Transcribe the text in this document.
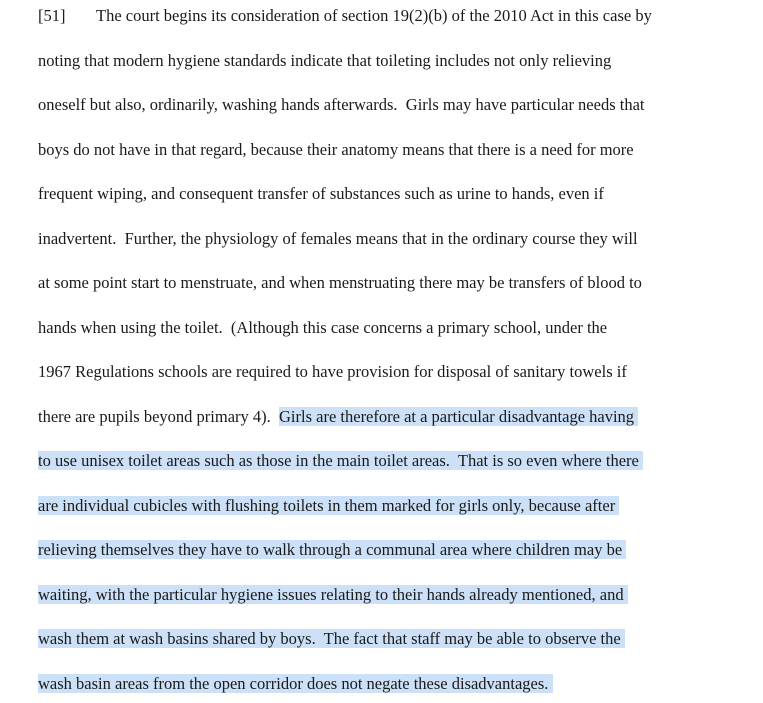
[51] The court begins its consideration of section 19(2)(b) of the 2010 Act in this case by
noting that modern hygiene standards indicate that toileting includes not only relieving
oneself but also, ordinarily, washing hands afterwards.  Girls may have particular needs that
boys do not have in that regard, because their anatomy means that there is a need for more
frequent wiping, and consequent transfer of substances such as urine to hands, even if
inadvertent.  Further, the physiology of females means that in the ordinary course they will
at some point start to menstruate, and when menstruating there may be transfers of blood to
hands when using the toilet.  (Although this case concerns a primary school, under the
1967 Regulations schools are required to have provision for disposal of sanitary towels if
there are pupils beyond primary 4).  Girls are therefore at a particular disadvantage having
to use unisex toilet areas such as those in the main toilet areas.  That is so even where there
are individual cubicles with flushing toilets in them marked for girls only, because after
relieving themselves they have to walk through a communal area where children may be
waiting, with the particular hygiene issues relating to their hands already mentioned, and
wash them at wash basins shared by boys.  The fact that staff may be able to observe the
wash basin areas from the open corridor does not negate these disadvantages.
